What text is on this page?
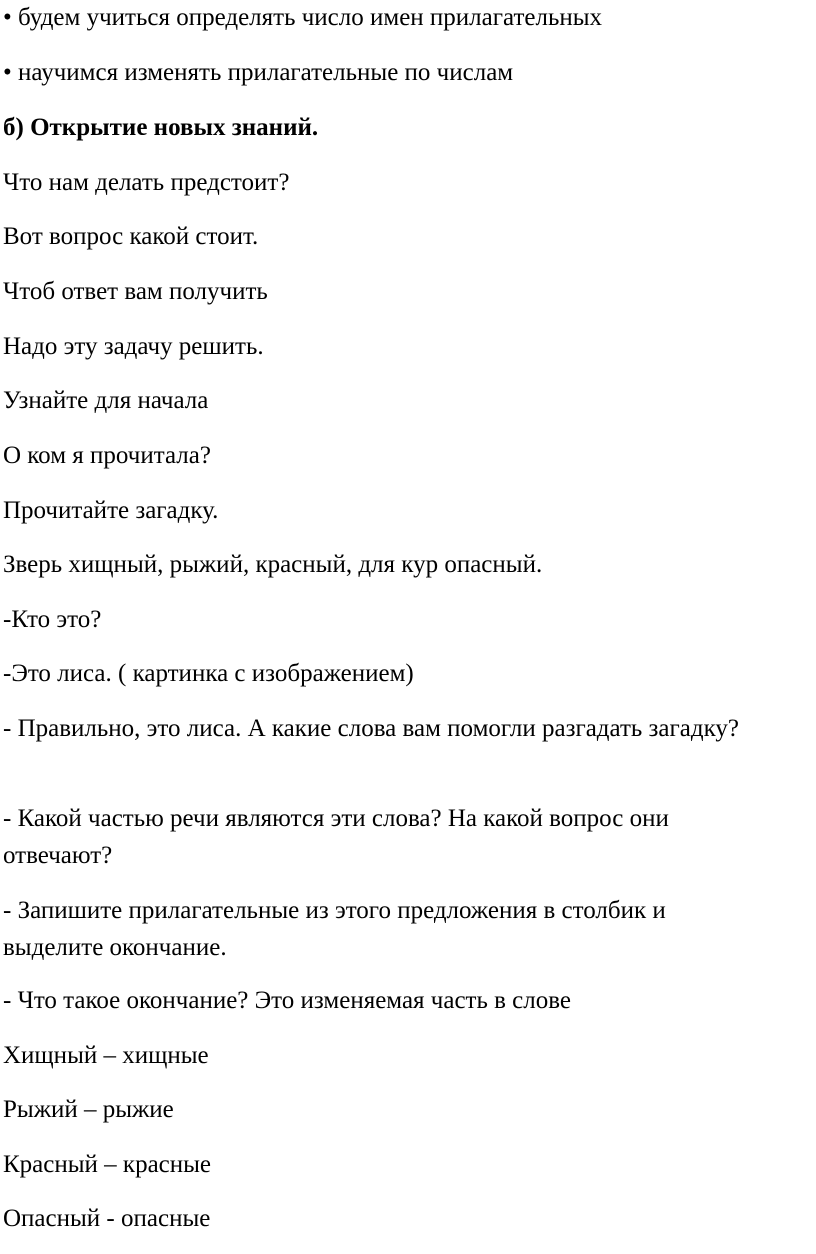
• будем учиться определять число имен прилагательных
• научимся изменять прилагательные по числам
б) Открытие новых знаний.
Что нам делать предстоит?
Вот вопрос какой стоит.
Чтоб ответ вам получить
Надо эту задачу решить.
Узнайте для начала
О ком я прочитала?
Прочитайте загадку.
Зверь хищный, рыжий, красный, для кур опасный.
-Кто это?
-Это лиса. ( картинка с изображением)
- Правильно, это лиса. А какие слова вам помогли разгадать загадку?
- Какой частью речи являются эти слова? На какой вопрос они отвечают?
- Запишите прилагательные из этого предложения в столбик и выделите окончание.
- Что такое окончание? Это изменяемая часть в слове
Хищный – хищные
Рыжий – рыжие
Красный – красные
Опасный - опасные
